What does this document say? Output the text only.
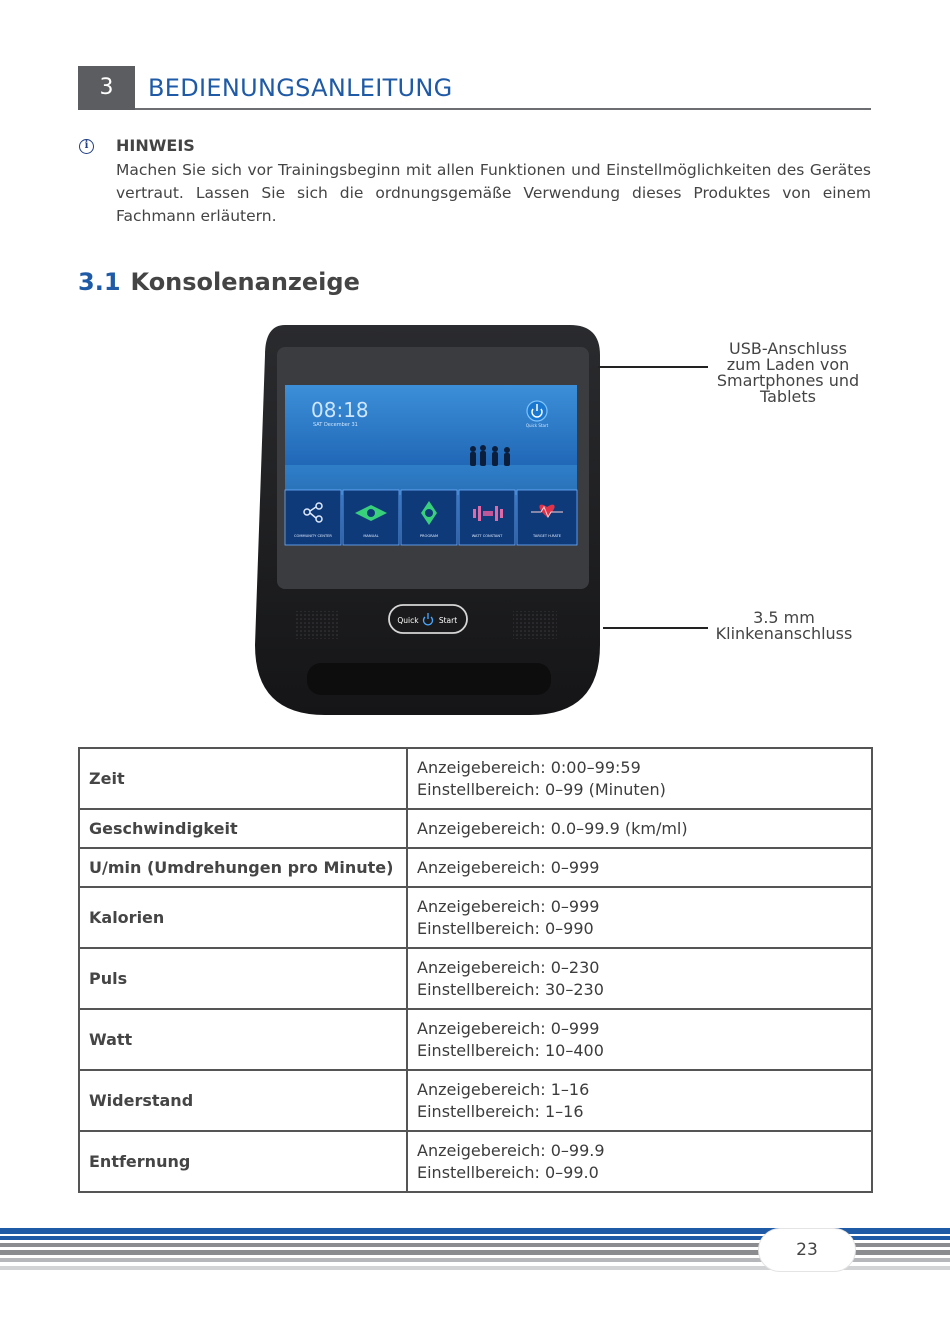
3	BEDIENUNGSANLEITUNG
i	HINWEIS
Machen Sie sich vor Trainingsbeginn mit allen Funktionen und Einstellmöglichkeiten des Gerätes vertraut. Lassen Sie sich die ordnungsgemäße Verwendung dieses Produktes von einem Fachmann erläutern.
3.1 Konsolenanzeige
08:18
SAT December 31	Quick Start
COMMUNITY CENTER	MANUAL	PROGRAM	WATT CONSTANT	TARGET H.RATE
Quick	Start
USB-Anschluss
zum Laden von
Smartphones und
Tablets
3.5 mm
Klinkenanschluss
Zeit	Anzeigebereich: 0:00–99:59
Einstellbereich: 0–99 (Minuten)

Geschwindigkeit	Anzeigebereich: 0.0–99.9 (km/ml)

U/min (Umdrehungen pro Minute)	Anzeigebereich: 0–999

Kalorien	Anzeigebereich: 0–999
Einstellbereich: 0–990

Puls	Anzeigebereich: 0–230
Einstellbereich: 30–230

Watt	Anzeigebereich: 0–999
Einstellbereich: 10–400

Widerstand	Anzeigebereich: 1–16
Einstellbereich: 1–16

Entfernung	Anzeigebereich: 0–99.9
Einstellbereich: 0–99.0
23
